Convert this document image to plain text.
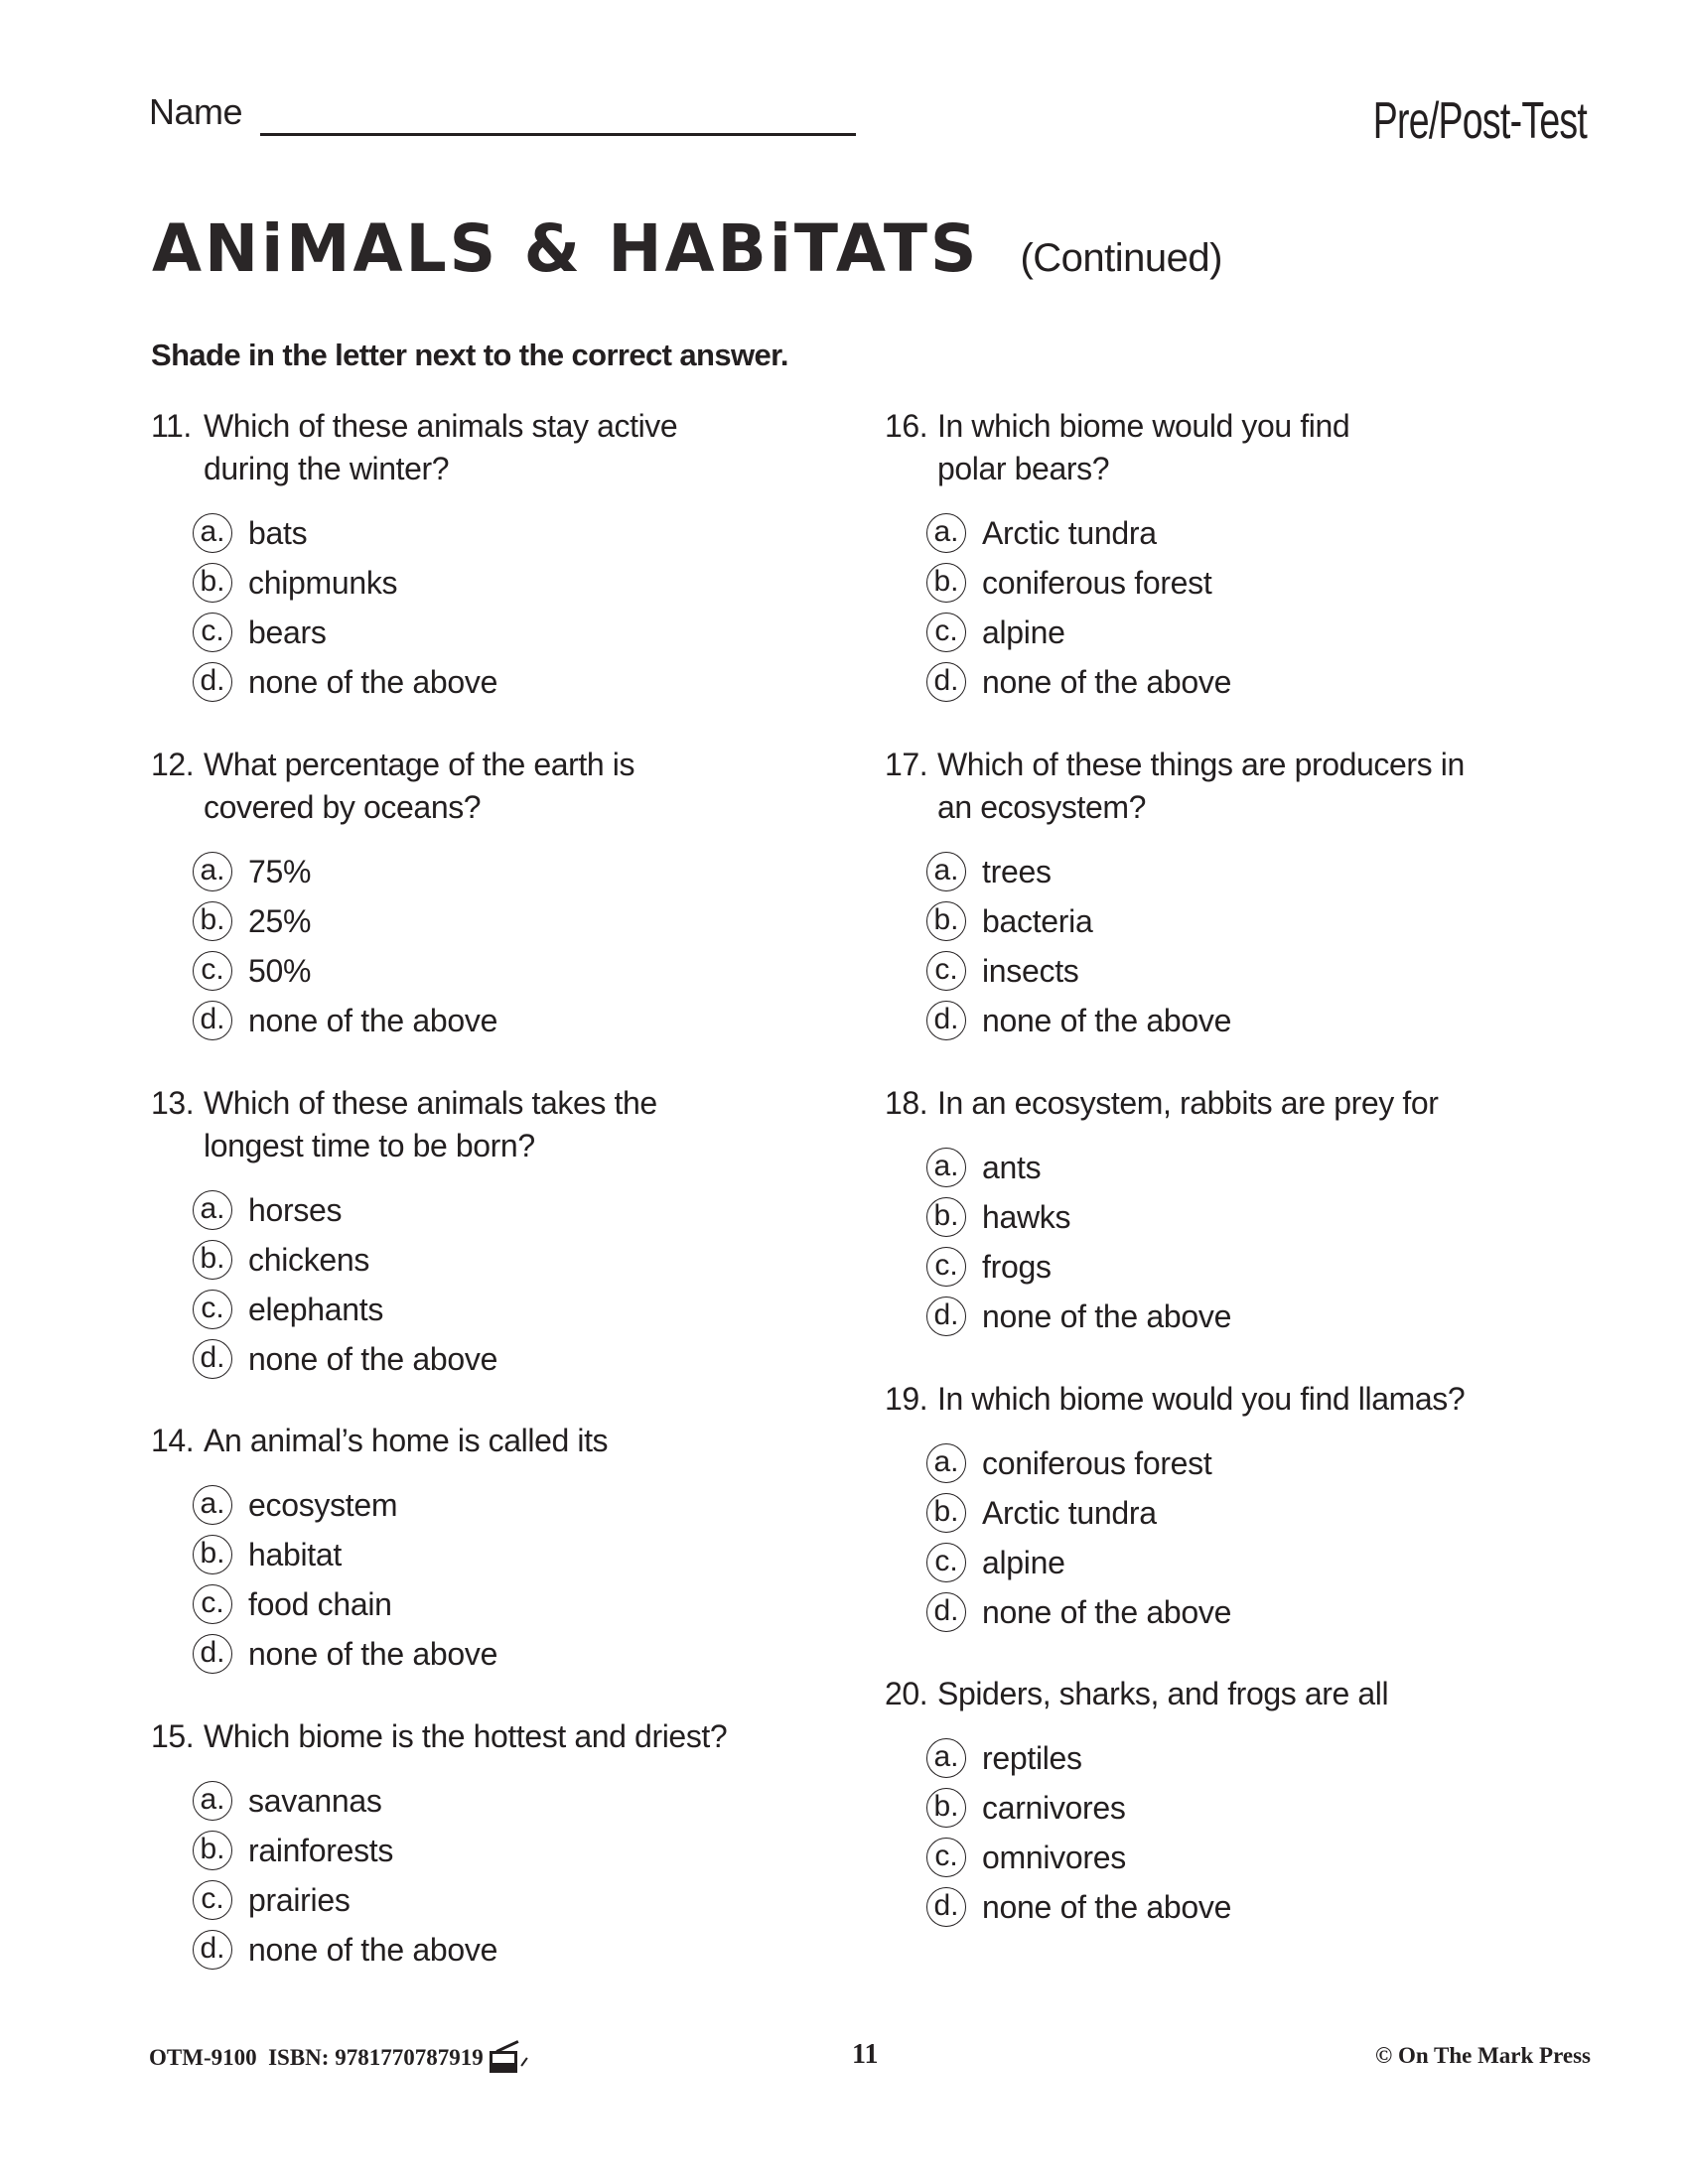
Name	Pre/Post-Test
ANiMALS & HABiTATS (Continued)
Shade in the letter next to the correct answer.
11. Which of these animals stay active during the winter?
a. bats
b. chipmunks
c. bears
d. none of the above
12. What percentage of the earth is covered by oceans?
a. 75%
b. 25%
c. 50%
d. none of the above
13. Which of these animals takes the longest time to be born?
a. horses
b. chickens
c. elephants
d. none of the above
14. An animal’s home is called its
a. ecosystem
b. habitat
c. food chain
d. none of the above
15. Which biome is the hottest and driest?
a. savannas
b. rainforests
c. prairies
d. none of the above
16. In which biome would you find polar bears?
a. Arctic tundra
b. coniferous forest
c. alpine
d. none of the above
17. Which of these things are producers in an ecosystem?
a. trees
b. bacteria
c. insects
d. none of the above
18. In an ecosystem, rabbits are prey for
a. ants
b. hawks
c. frogs
d. none of the above
19. In which biome would you find llamas?
a. coniferous forest
b. Arctic tundra
c. alpine
d. none of the above
20. Spiders, sharks, and frogs are all
a. reptiles
b. carnivores
c. omnivores
d. none of the above
OTM-9100  ISBN: 9781770787919	11	© On The Mark Press
